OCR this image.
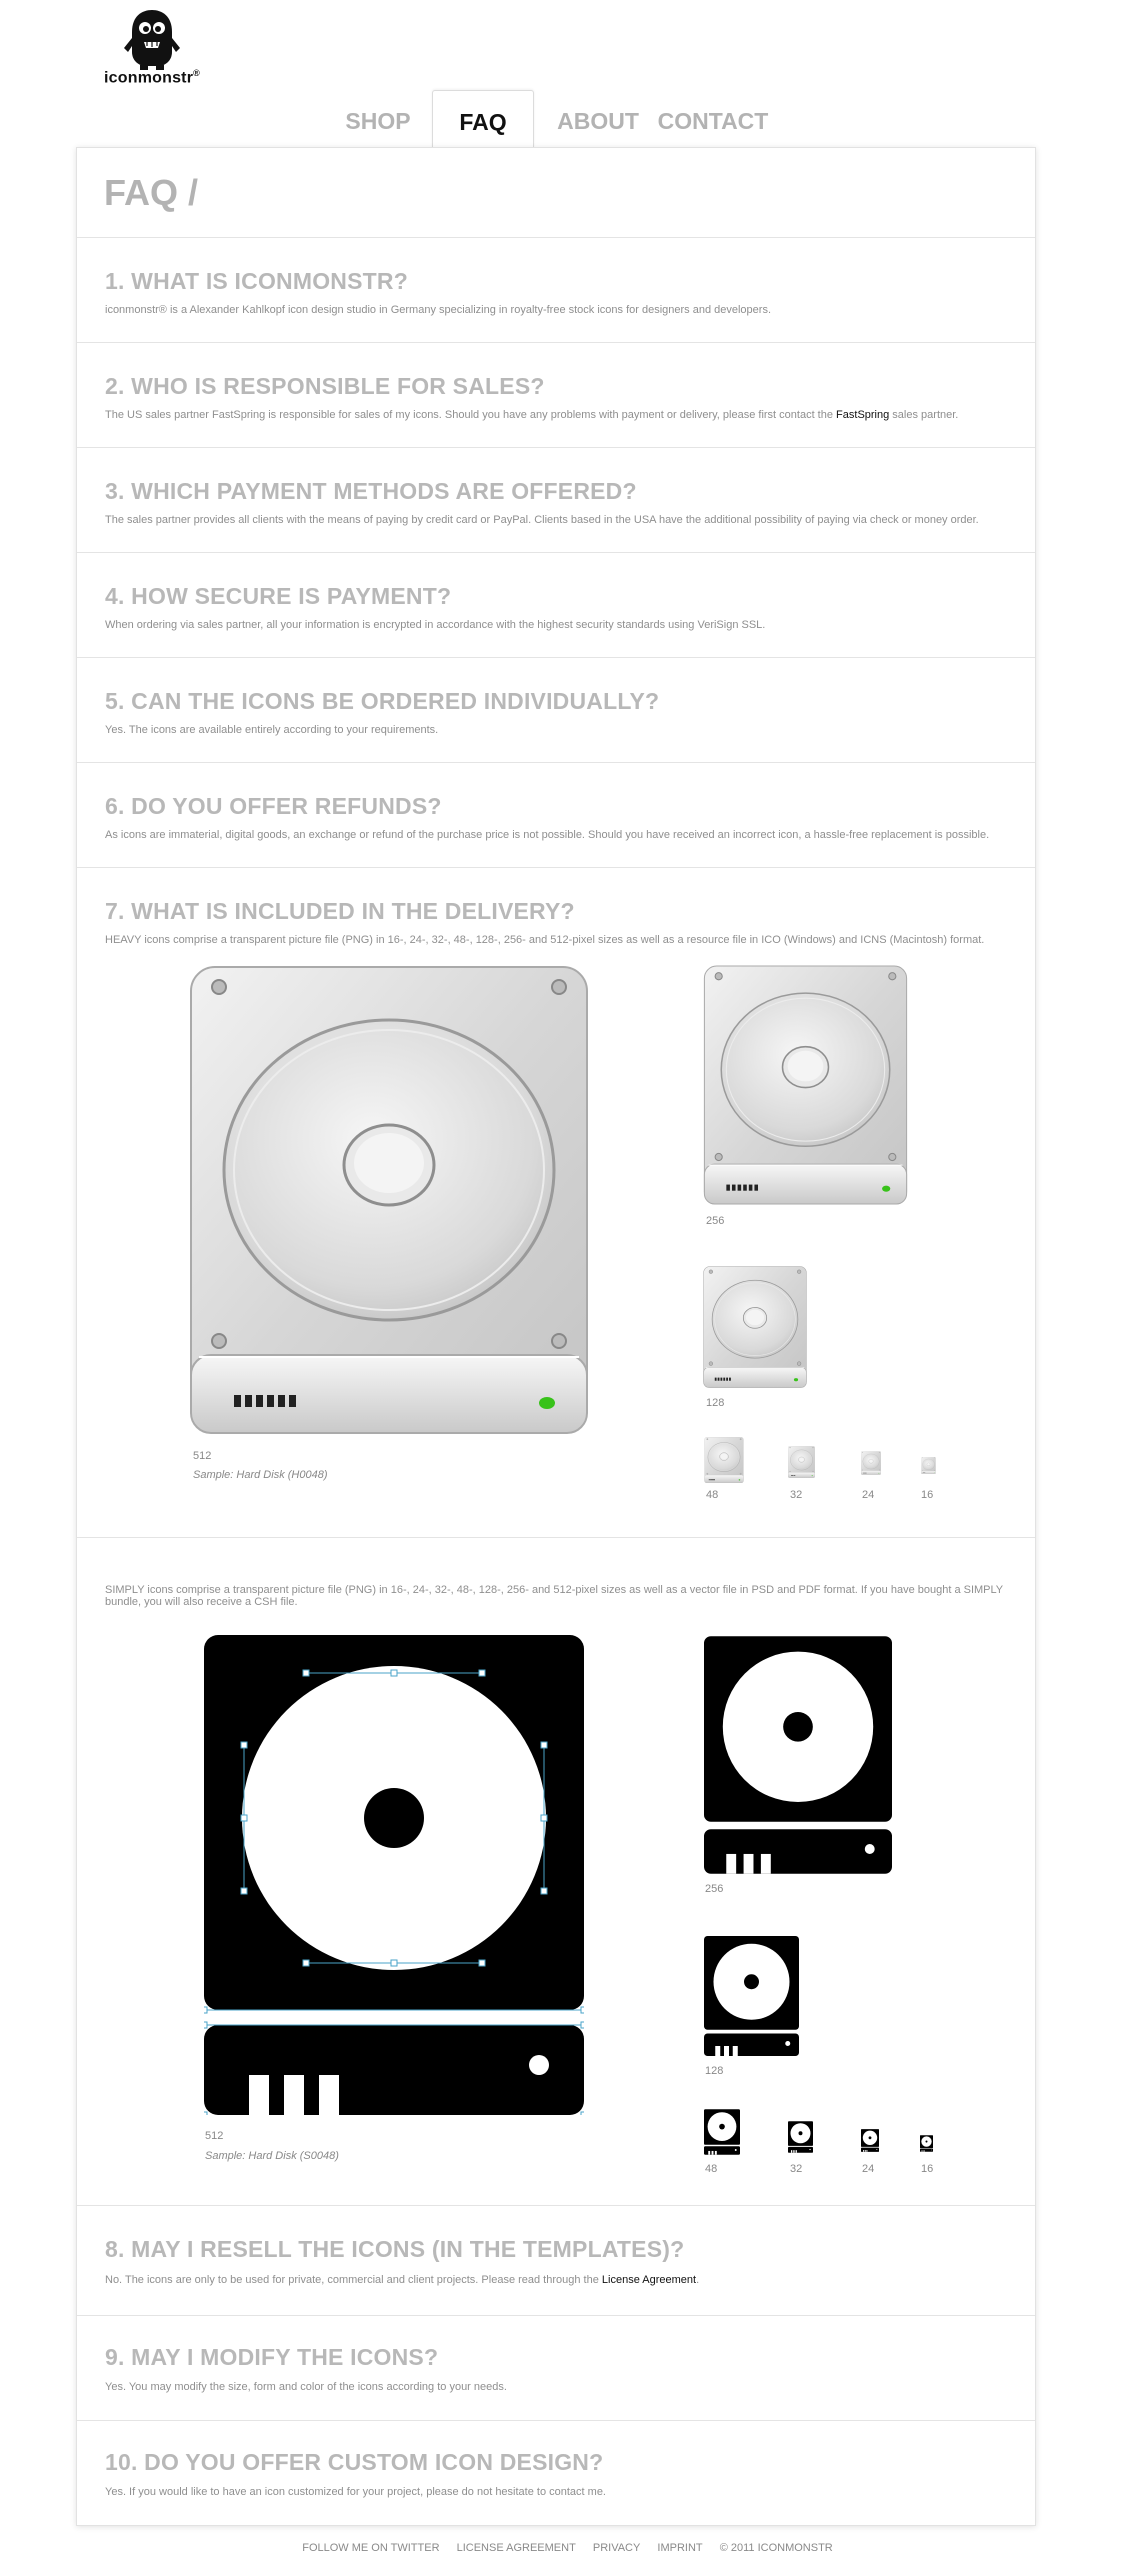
iconmonstr®
SHOP	FAQ	ABOUT CONTACT
FAQ /
1. WHAT IS ICONMONSTR?

iconmonstr® is a Alexander Kahlkopf icon design studio in Germany specializing in royalty-free stock icons for designers and developers.

2. WHO IS RESPONSIBLE FOR SALES?

The US sales partner FastSpring is responsible for sales of my icons. Should you have any problems with payment or delivery, please first contact the FastSpring sales partner.

3. WHICH PAYMENT METHODS ARE OFFERED?

The sales partner provides all clients with the means of paying by credit card or PayPal. Clients based in the USA have the additional possibility of paying via check or money order.

4. HOW SECURE IS PAYMENT?

When ordering via sales partner, all your information is encrypted in accordance with the highest security standards using VeriSign SSL.

5. CAN THE ICONS BE ORDERED INDIVIDUALLY?

Yes. The icons are available entirely according to your requirements.

6. DO YOU OFFER REFUNDS?

As icons are immaterial, digital goods, an exchange or refund of the purchase price is not possible. Should you have received an incorrect icon, a hassle-free replacement is possible.

7. WHAT IS INCLUDED IN THE DELIVERY?

HEAVY icons comprise a transparent picture file (PNG) in 16-, 24-, 32-, 48-, 128-, 256- and 512-pixel sizes as well as a resource file in ICO (Windows) and ICNS (Macintosh) format.

512
Sample: Hard Disk (H0048)
256
128
48	32	24	16

SIMPLY icons comprise a transparent picture file (PNG) in 16-, 24-, 32-, 48-, 128-, 256- and 512-pixel sizes as well as a vector file in PSD and PDF format. If you have bought a SIMPLY

bundle, you will also receive a CSH file.

512
Sample: Hard Disk (S0048)
256
128
48	32	24	16
8. MAY I RESELL THE ICONS (IN THE TEMPLATES)?

No. The icons are only to be used for private, commercial and client projects. Please read through the License Agreement.

9. MAY I MODIFY THE ICONS?

Yes. You may modify the size, form and color of the icons according to your needs.

10. DO YOU OFFER CUSTOM ICON DESIGN?

Yes. If you would like to have an icon customized for your project, please do not hesitate to contact me.

FOLLOW ME ON TWITTER LICENSE AGREEMENT PRIVACY IMPRINT © 2011 ICONMONSTR
